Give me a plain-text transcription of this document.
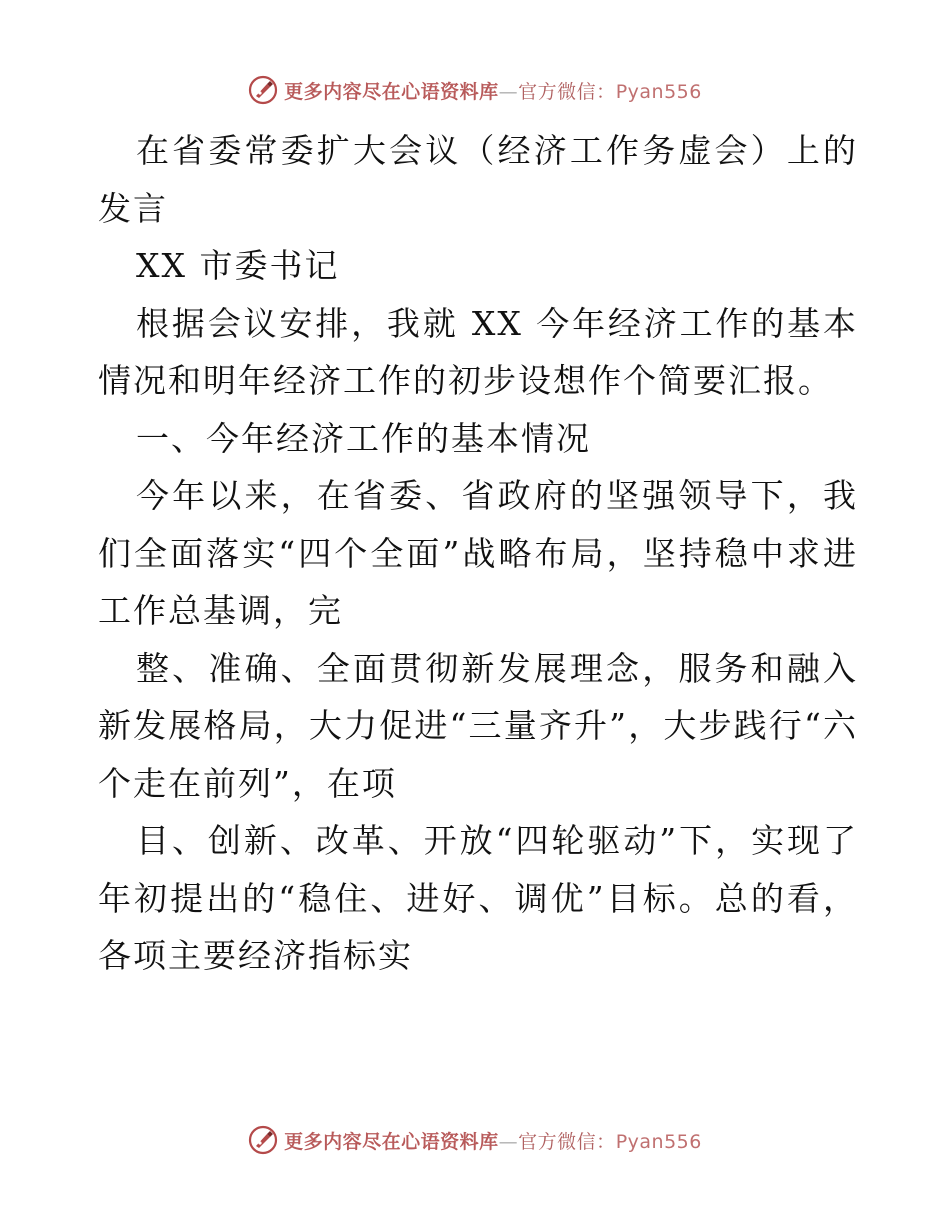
更多内容尽在心语资料库—官方微信：Pyan556

在省委常委扩大会议（经济工作务虚会）上的发言

XX 市委书记

根据会议安排，我就 XX 今年经济工作的基本情况和明年经济工作的初步设想作个简要汇报。

一、今年经济工作的基本情况

今年以来，在省委、省政府的坚强领导下，我们全面落实“四个全面”战略布局，坚持稳中求进工作总基调，完

整、准确、全面贯彻新发展理念，服务和融入新发展格局，大力促进“三量齐升”，大步践行“六个走在前列”，在项

目、创新、改革、开放“四轮驱动”下，实现了年初提出的“稳住、进好、调优”目标。总的看，各项主要经济指标实

更多内容尽在心语资料库—官方微信：Pyan556
